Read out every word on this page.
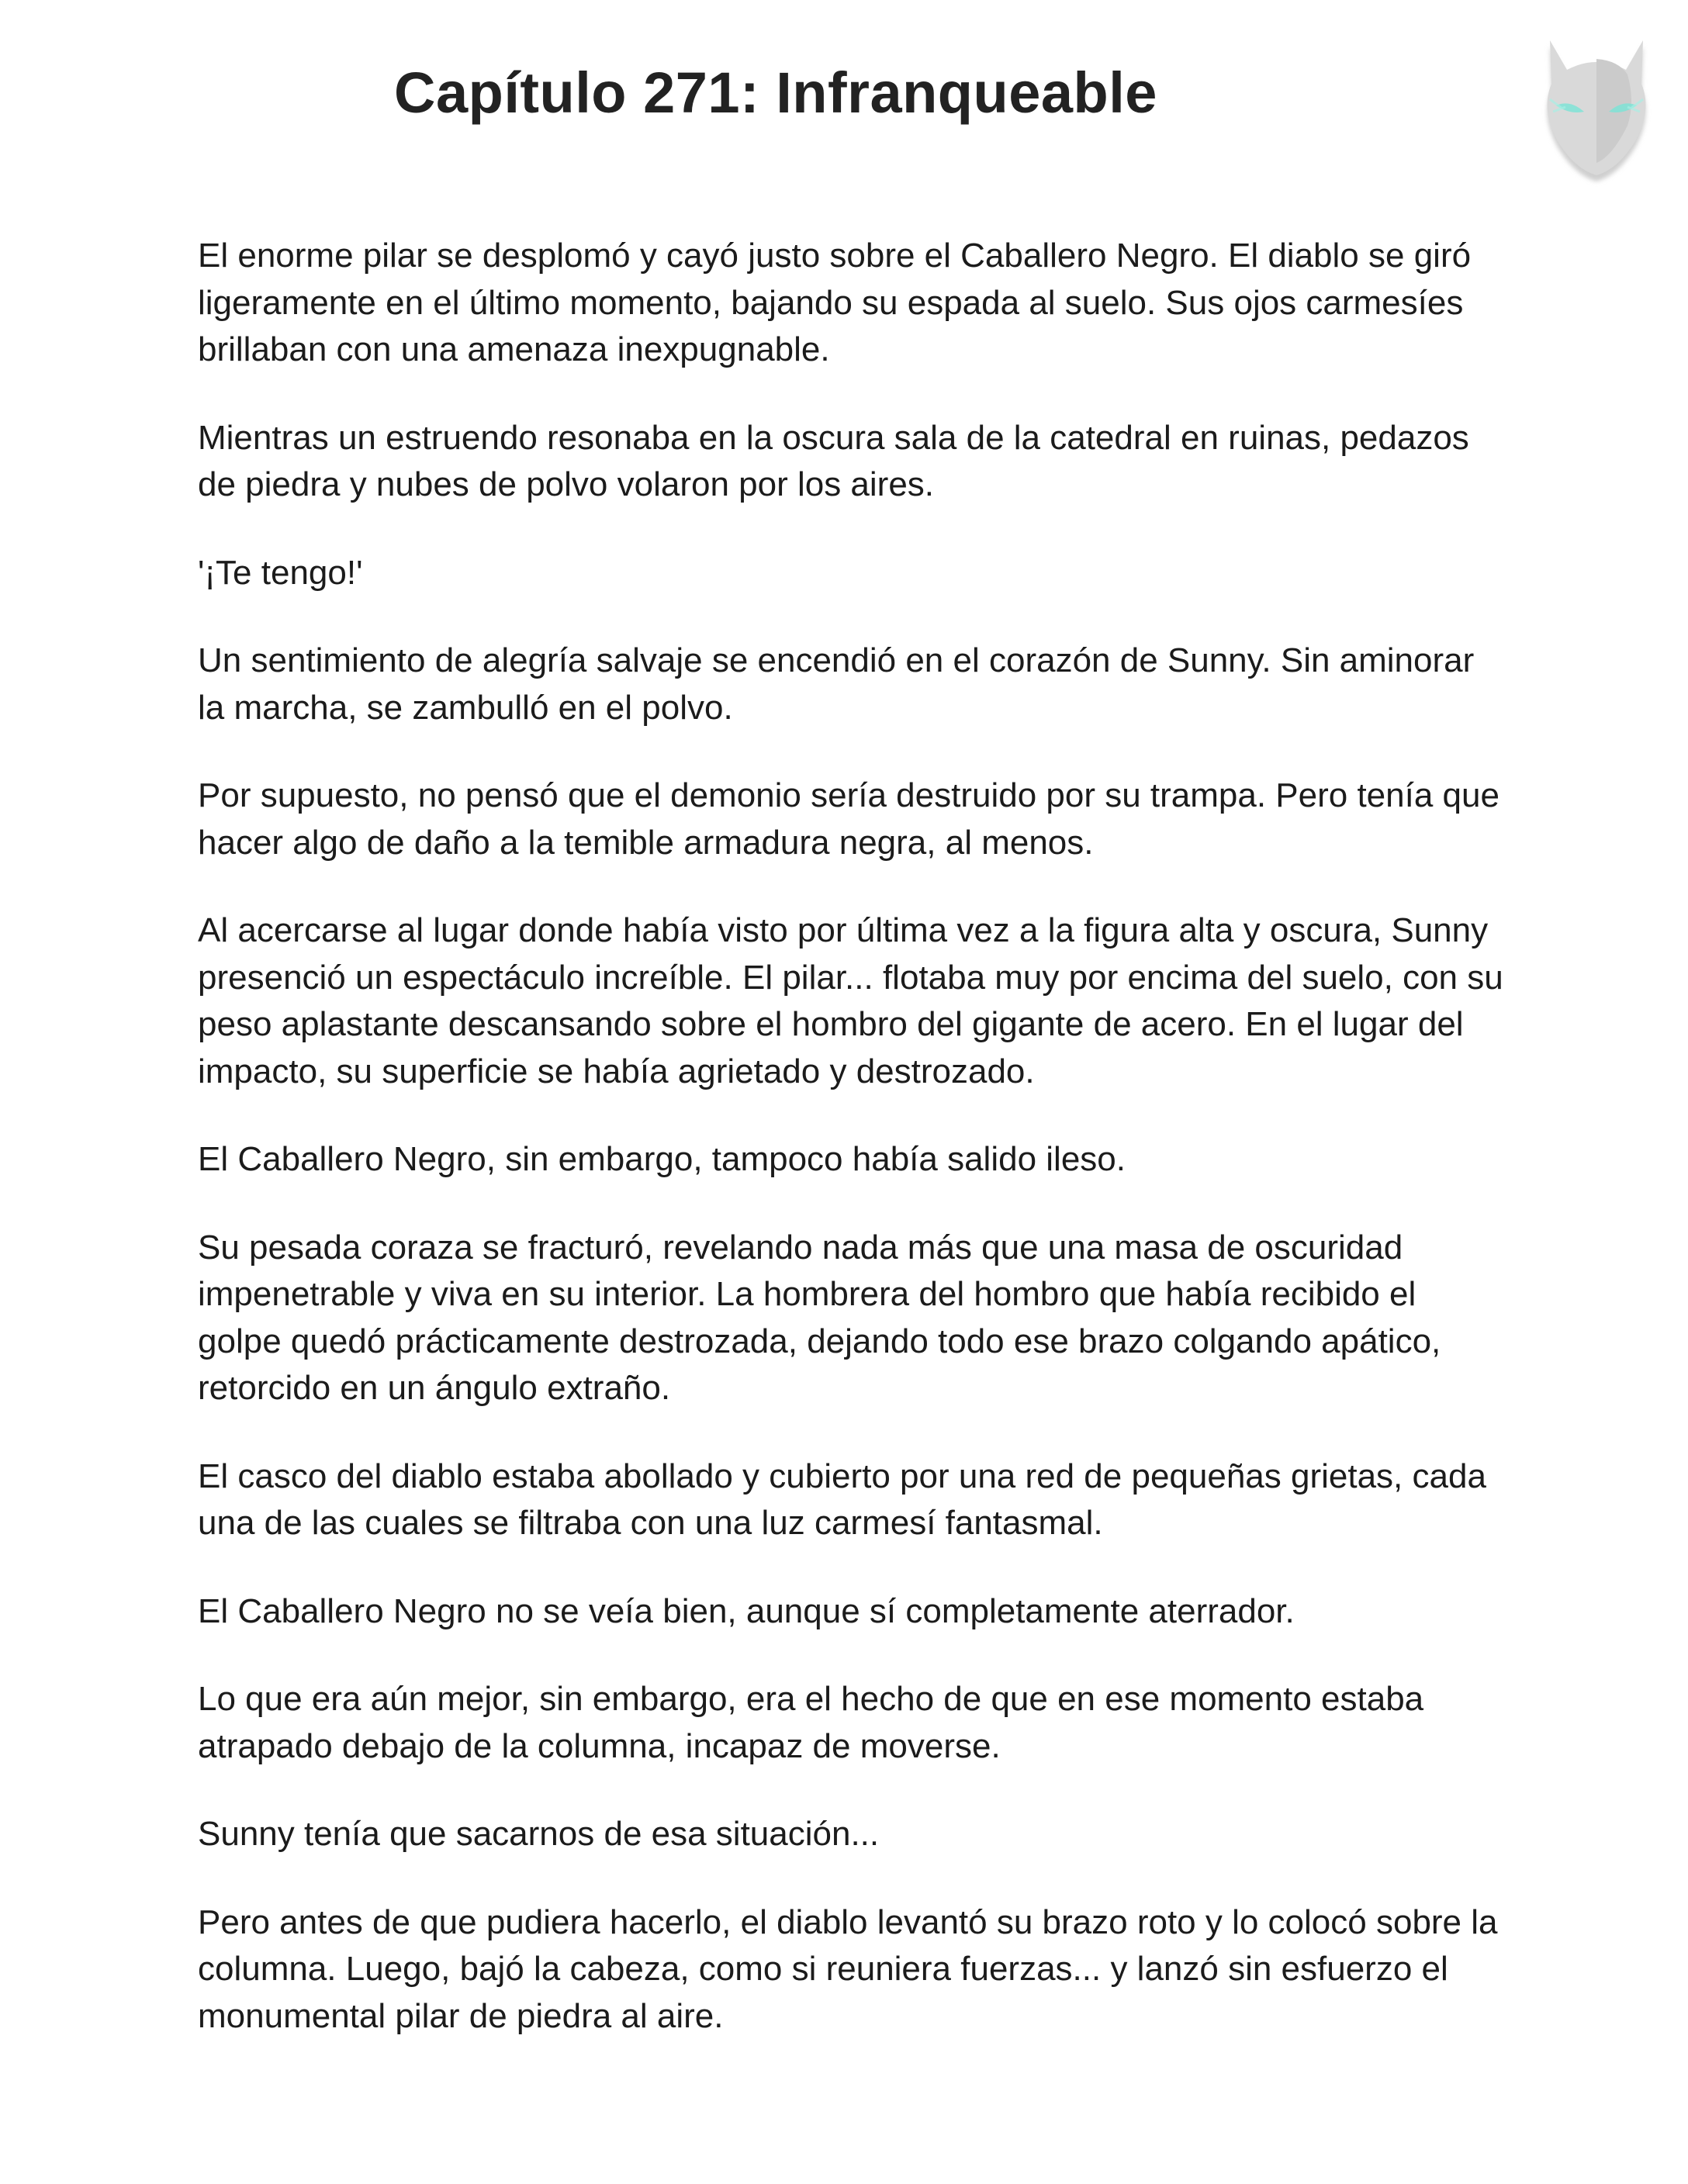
Capítulo 271: Infranqueable

El enorme pilar se desplomó y cayó justo sobre el Caballero Negro. El diablo se giró ligeramente en el último momento, bajando su espada al suelo. Sus ojos carmesíes brillaban con una amenaza inexpugnable.

Mientras un estruendo resonaba en la oscura sala de la catedral en ruinas, pedazos de piedra y nubes de polvo volaron por los aires.

'¡Te tengo!'

Un sentimiento de alegría salvaje se encendió en el corazón de Sunny. Sin aminorar la marcha, se zambulló en el polvo.

Por supuesto, no pensó que el demonio sería destruido por su trampa. Pero tenía que hacer algo de daño a la temible armadura negra, al menos.

Al acercarse al lugar donde había visto por última vez a la figura alta y oscura, Sunny presenció un espectáculo increíble. El pilar... flotaba muy por encima del suelo, con su peso aplastante descansando sobre el hombro del gigante de acero. En el lugar del impacto, su superficie se había agrietado y destrozado.

El Caballero Negro, sin embargo, tampoco había salido ileso.

Su pesada coraza se fracturó, revelando nada más que una masa de oscuridad impenetrable y viva en su interior. La hombrera del hombro que había recibido el golpe quedó prácticamente destrozada, dejando todo ese brazo colgando apático, retorcido en un ángulo extraño.

El casco del diablo estaba abollado y cubierto por una red de pequeñas grietas, cada una de las cuales se filtraba con una luz carmesí fantasmal.

El Caballero Negro no se veía bien, aunque sí completamente aterrador.

Lo que era aún mejor, sin embargo, era el hecho de que en ese momento estaba atrapado debajo de la columna, incapaz de moverse.

Sunny tenía que sacarnos de esa situación...

Pero antes de que pudiera hacerlo, el diablo levantó su brazo roto y lo colocó sobre la columna. Luego, bajó la cabeza, como si reuniera fuerzas... y lanzó sin esfuerzo el monumental pilar de piedra al aire.
